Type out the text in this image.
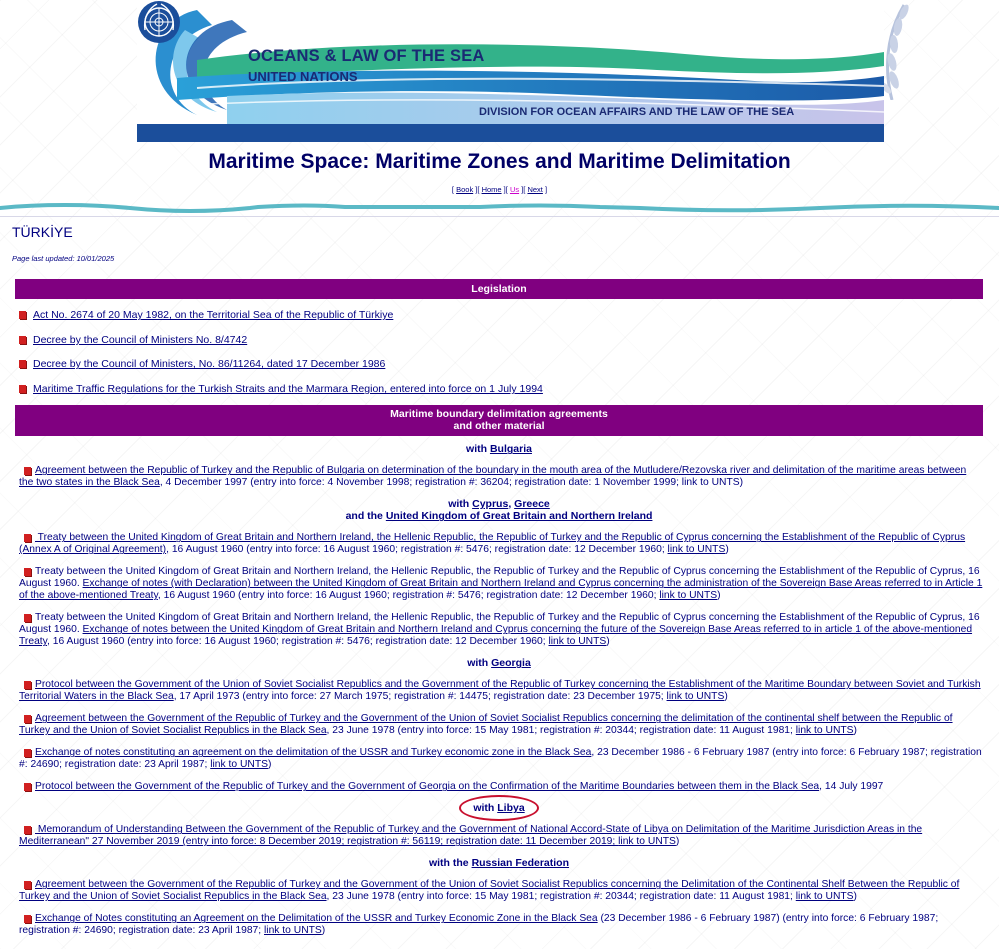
OCEANS & LAW OF THE SEA
UNITED NATIONS
DIVISION FOR OCEAN AFFAIRS AND THE LAW OF THE SEA
Maritime Space: Maritime Zones and Maritime Delimitation
[ Book ][ Home ][ Us ][ Next ]
TÜRKİYE
Page last updated: 10/01/2025
Legislation
Act No. 2674 of 20 May 1982, on the Territorial Sea of the Republic of Türkiye
Decree by the Council of Ministers No. 8/4742
Decree by the Council of Ministers, No. 86/11264, dated 17 December 1986
Maritime Traffic Regulations for the Turkish Straits and the Marmara Region, entered into force on 1 July 1994
Maritime boundary delimitation agreements
and other material
with Bulgaria
Agreement between the Republic of Turkey and the Republic of Bulgaria on determination of the boundary in the mouth area of the Mutludere/Rezovska river and delimitation of the maritime areas between the two states in the Black Sea, 4 December 1997 (entry into force: 4 November 1998; registration #: 36204; registration date: 1 November 1999; link to UNTS)
with Cyprus, Greece
and the United Kingdom of Great Britain and Northern Ireland
Treaty between the United Kingdom of Great Britain and Northern Ireland, the Hellenic Republic, the Republic of Turkey and the Republic of Cyprus concerning the Establishment of the Republic of Cyprus (Annex A of Original Agreement), 16 August 1960 (entry into force: 16 August 1960; registration #: 5476; registration date: 12 December 1960; link to UNTS)
Treaty between the United Kingdom of Great Britain and Northern Ireland, the Hellenic Republic, the Republic of Turkey and the Republic of Cyprus concerning the Establishment of the Republic of Cyprus, 16 August 1960. Exchange of notes (with Declaration) between the United Kingdom of Great Britain and Northern Ireland and Cyprus concerning the administration of the Sovereign Base Areas referred to in Article 1 of the above-mentioned Treaty, 16 August 1960 (entry into force: 16 August 1960; registration #: 5476; registration date: 12 December 1960; link to UNTS)
Treaty between the United Kingdom of Great Britain and Northern Ireland, the Hellenic Republic, the Republic of Turkey and the Republic of Cyprus concerning the Establishment of the Republic of Cyprus, 16 August 1960. Exchange of notes between the United Kingdom of Great Britain and Northern Ireland and Cyprus concerning the future of the Sovereign Base Areas referred to in article 1 of the above-mentioned Treaty, 16 August 1960 (entry into force: 16 August 1960; registration #: 5476; registration date: 12 December 1960; link to UNTS)
with Georgia
Protocol between the Government of the Union of Soviet Socialist Republics and the Government of the Republic of Turkey concerning the Establishment of the Maritime Boundary between Soviet and Turkish Territorial Waters in the Black Sea, 17 April 1973 (entry into force: 27 March 1975; registration #: 14475; registration date: 23 December 1975; link to UNTS)
Agreement between the Government of the Republic of Turkey and the Government of the Union of Soviet Socialist Republics concerning the delimitation of the continental shelf between the Republic of Turkey and the Union of Soviet Socialist Republics in the Black Sea, 23 June 1978 (entry into force: 15 May 1981; registration #: 20344; registration date: 11 August 1981; link to UNTS)
Exchange of notes constituting an agreement on the delimitation of the USSR and Turkey economic zone in the Black Sea, 23 December 1986 - 6 February 1987 (entry into force: 6 February 1987; registration #: 24690; registration date: 23 April 1987; link to UNTS)
Protocol between the Government of the Republic of Turkey and the Government of Georgia on the Confirmation of the Maritime Boundaries between them in the Black Sea, 14 July 1997
with Libya
Memorandum of Understanding Between the Government of the Republic of Turkey and the Government of National Accord-State of Libya on Delimitation of the Maritime Jurisdiction Areas in the Mediterranean" 27 November 2019 (entry into force: 8 December 2019; registration #: 56119; registration date: 11 December 2019; link to UNTS)
with the Russian Federation
Agreement between the Government of the Republic of Turkey and the Government of the Union of Soviet Socialist Republics concerning the Delimitation of the Continental Shelf Between the Republic of Turkey and the Union of Soviet Socialist Republics in the Black Sea, 23 June 1978 (entry into force: 15 May 1981; registration #: 20344; registration date: 11 August 1981; link to UNTS)
Exchange of Notes constituting an Agreement on the Delimitation of the USSR and Turkey Economic Zone in the Black Sea (23 December 1986 - 6 February 1987) (entry into force: 6 February 1987; registration #: 24690; registration date: 23 April 1987; link to UNTS)
